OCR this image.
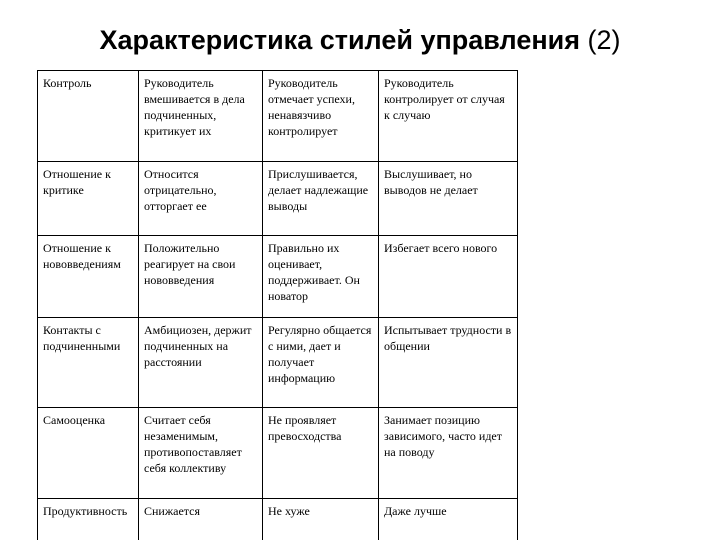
Характеристика стилей управления (2)
Контроль	Руководитель вмешивается в дела подчиненных, критикует их	Руководитель отмечает успехи, ненавязчиво контролирует	Руководитель контролирует от случая к случаю
Отношение к критике	Относится отрицательно, отторгает ее	Прислушивается, делает надлежащие выводы	Выслушивает, но выводов не делает
Отношение к нововведениям	Положительно реагирует на свои нововведения	Правильно их оценивает, поддерживает. Он новатор	Избегает всего нового
Контакты с подчиненными	Амбициозен, держит подчиненных на расстоянии	Регулярно общается с ними, дает и получает информацию	Испытывает трудности в общении
Самооценка	Считает себя незаменимым, противопоставляет себя коллективу	Не проявляет превосходства	Занимает позицию зависимого, часто идет на поводу
Продуктивность	Снижается	Не хуже	Даже лучше
